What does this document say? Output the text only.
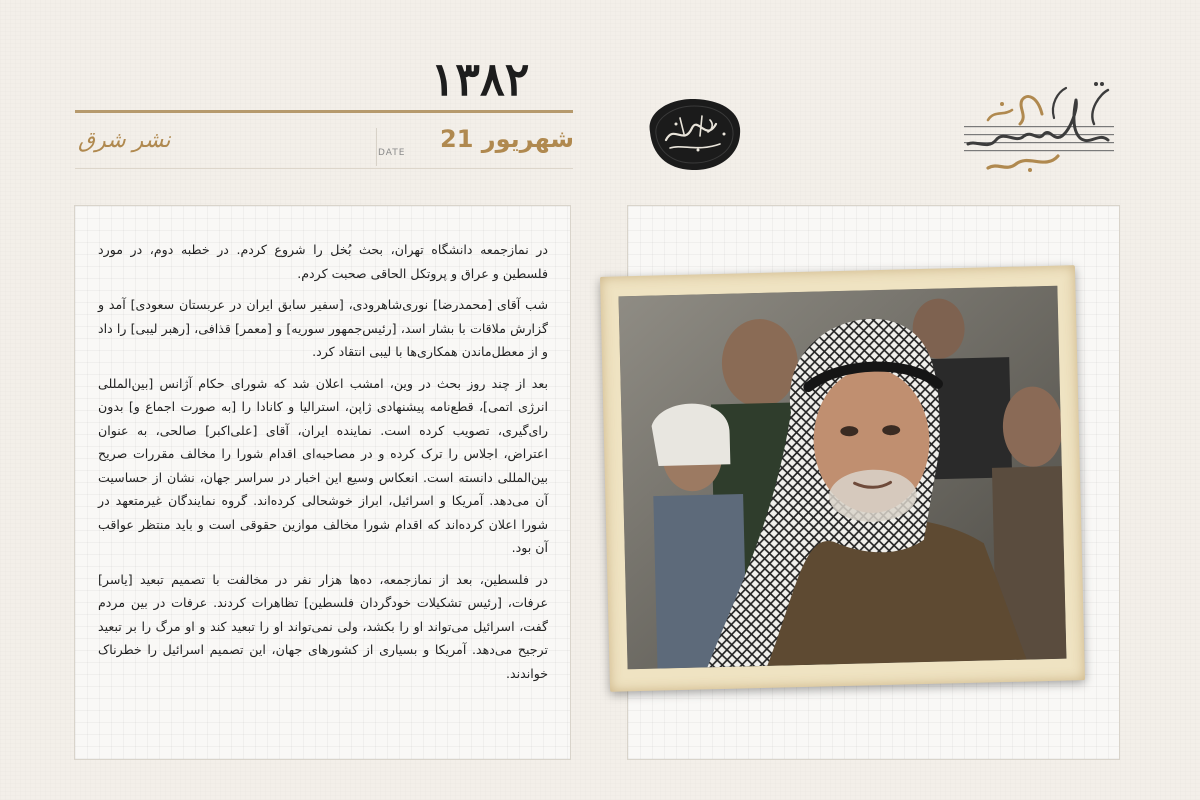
۱۳۸۲
21 شهریور
DATE
نشر شرق

در نمازجمعه دانشگاه تهران، بحث بُخل را شروع کردم. در خطبه دوم، در مورد فلسطین و عراق و پروتکل الحاقی صحبت کردم.

شب آقای [محمدرضا] نوری‌شاهرودی، [سفیر سابق ایران در عربستان سعودی] آمد و گزارش ملاقات با بشار اسد، [رئیس‌جمهور سوریه] و [معمر] قذافی، [رهبر لیبی] را داد و از معطل‌ماندن همکاری‌ها با لیبی انتقاد کرد.

بعد از چند روز بحث در وین، امشب اعلان شد که شورای حکام آژانس [بین‌المللی انرژی اتمی]، قطع‌نامه پیشنهادی ژاپن، استرالیا و کانادا را [به صورت اجماع و] بدون رای‌گیری، تصویب کرده است. نماینده ایران، آقای [علی‌اکبر] صالحی، به عنوان اعتراض، اجلاس را ترک کرده و در مصاحبه‌ای اقدام شورا را مخالف مقررات صریح بین‌المللی دانسته است. انعکاس وسیع این اخبار در سراسر جهان، نشان از حساسیت آن می‌دهد. آمریکا و اسرائیل، ابراز خوشحالی کرده‌اند. گروه نمایندگان غیرمتعهد در شورا اعلان کرده‌اند که اقدام شورا مخالف موازین حقوقی است و باید منتظر عواقب آن بود.

در فلسطین، بعد از نمازجمعه، ده‌ها هزار نفر در مخالفت با تصمیم تبعید [یاسر] عرفات، [رئیس تشکیلات خودگردان فلسطین] تظاهرات کردند. عرفات در بین مردم گفت، اسرائیل می‌تواند او را بکشد، ولی نمی‌تواند او را تبعید کند و او مرگ را بر تبعید ترجیح می‌دهد. آمریکا و بسیاری از کشورهای جهان، این تصمیم اسرائیل را خطرناک خواندند.
